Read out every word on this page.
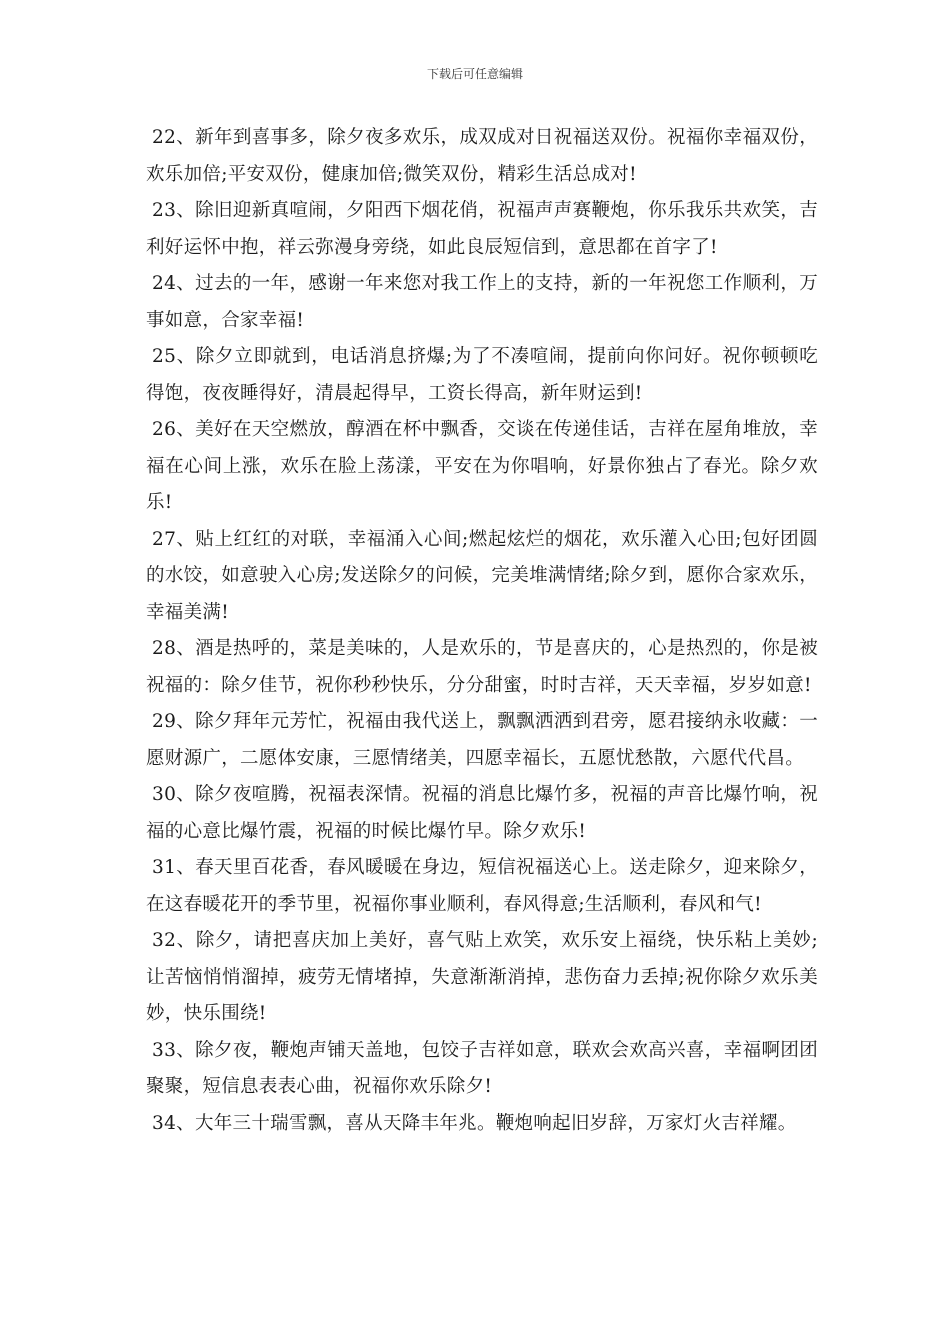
下载后可任意编辑

22、新年到喜事多，除夕夜多欢乐，成双成对日祝福送双份。祝福你幸福双份，欢乐加倍;平安双份，健康加倍;微笑双份，精彩生活总成对!

23、除旧迎新真喧闹，夕阳西下烟花俏，祝福声声赛鞭炮，你乐我乐共欢笑，吉利好运怀中抱，祥云弥漫身旁绕，如此良辰短信到，意思都在首字了!

24、过去的一年，感谢一年来您对我工作上的支持，新的一年祝您工作顺利，万事如意，合家幸福!

25、除夕立即就到，电话消息挤爆;为了不凑喧闹，提前向你问好。祝你顿顿吃得饱，夜夜睡得好，清晨起得早，工资长得高，新年财运到!

26、美好在天空燃放，醇酒在杯中飘香，交谈在传递佳话，吉祥在屋角堆放，幸福在心间上涨，欢乐在脸上荡漾，平安在为你唱响，好景你独占了春光。除夕欢乐!

27、贴上红红的对联，幸福涌入心间;燃起炫烂的烟花，欢乐灌入心田;包好团圆的水饺，如意驶入心房;发送除夕的问候，完美堆满情绪;除夕到，愿你合家欢乐，幸福美满!

28、酒是热呼的，菜是美味的，人是欢乐的，节是喜庆的，心是热烈的，你是被祝福的：除夕佳节，祝你秒秒快乐，分分甜蜜，时时吉祥，天天幸福，岁岁如意!

29、除夕拜年元芳忙，祝福由我代送上，飘飘洒洒到君旁，愿君接纳永收藏：一愿财源广，二愿体安康，三愿情绪美，四愿幸福长，五愿忧愁散，六愿代代昌。

30、除夕夜喧腾，祝福表深情。祝福的消息比爆竹多，祝福的声音比爆竹响，祝福的心意比爆竹震，祝福的时候比爆竹早。除夕欢乐!

31、春天里百花香，春风暖暖在身边，短信祝福送心上。送走除夕，迎来除夕，在这春暖花开的季节里，祝福你事业顺利，春风得意;生活顺利，春风和气!

32、除夕，请把喜庆加上美好，喜气贴上欢笑，欢乐安上福绕，快乐粘上美妙;让苦恼悄悄溜掉，疲劳无情堵掉，失意渐渐消掉，悲伤奋力丢掉;祝你除夕欢乐美妙，快乐围绕!

33、除夕夜，鞭炮声铺天盖地，包饺子吉祥如意，联欢会欢高兴喜，幸福啊团团聚聚，短信息表表心曲，祝福你欢乐除夕!

34、大年三十瑞雪飘，喜从天降丰年兆。鞭炮响起旧岁辞，万家灯火吉祥耀。
